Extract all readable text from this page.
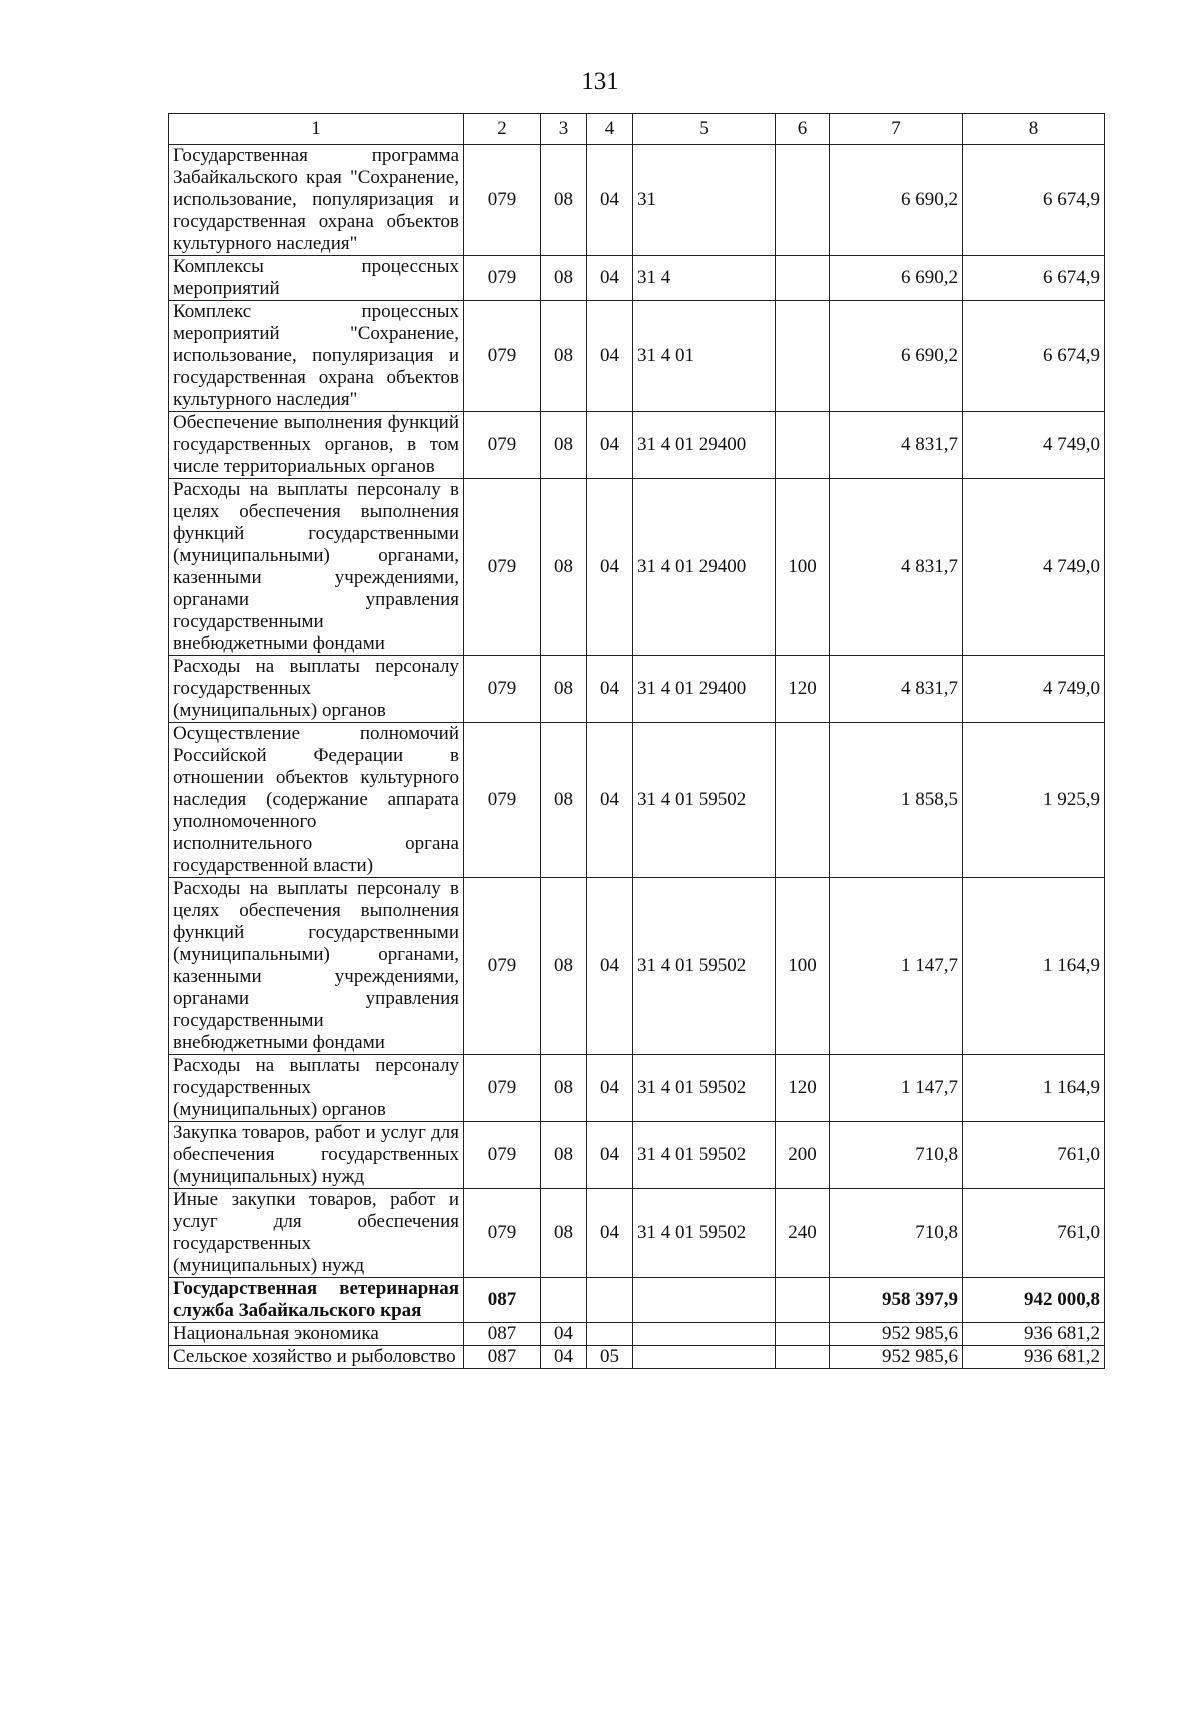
131
1	2	3	4	5	6	7	8
Государственная программа Забайкальского края "Сохранение, использование, популяризация и государственная охрана объектов культурного наследия"	079	08	04	31		6 690,2	6 674,9
Комплексы процессных мероприятий	079	08	04	31 4		6 690,2	6 674,9
Комплекс процессных мероприятий "Сохранение, использование, популяризация и государственная охрана объектов культурного наследия"	079	08	04	31 4 01		6 690,2	6 674,9
Обеспечение выполнения функций государственных органов, в том числе территориальных органов	079	08	04	31 4 01 29400		4 831,7	4 749,0
Расходы на выплаты персоналу в целях обеспечения выполнения функций государственными (муниципальными) органами, казенными учреждениями, органами управления государственными внебюджетными фондами	079	08	04	31 4 01 29400	100	4 831,7	4 749,0
Расходы на выплаты персоналу государственных (муниципальных) органов	079	08	04	31 4 01 29400	120	4 831,7	4 749,0
Осуществление полномочий Российской Федерации в отношении объектов культурного наследия (содержание аппарата уполномоченного исполнительного органа государственной власти)	079	08	04	31 4 01 59502		1 858,5	1 925,9
Расходы на выплаты персоналу в целях обеспечения выполнения функций государственными (муниципальными) органами, казенными учреждениями, органами управления государственными внебюджетными фондами	079	08	04	31 4 01 59502	100	1 147,7	1 164,9
Расходы на выплаты персоналу государственных (муниципальных) органов	079	08	04	31 4 01 59502	120	1 147,7	1 164,9
Закупка товаров, работ и услуг для обеспечения государственных (муниципальных) нужд	079	08	04	31 4 01 59502	200	710,8	761,0
Иные закупки товаров, работ и услуг для обеспечения государственных (муниципальных) нужд	079	08	04	31 4 01 59502	240	710,8	761,0
Государственная ветеринарная служба Забайкальского края	087					958 397,9	942 000,8
Национальная экономика	087	04				952 985,6	936 681,2
Сельское хозяйство и рыболовство	087	04	05			952 985,6	936 681,2
